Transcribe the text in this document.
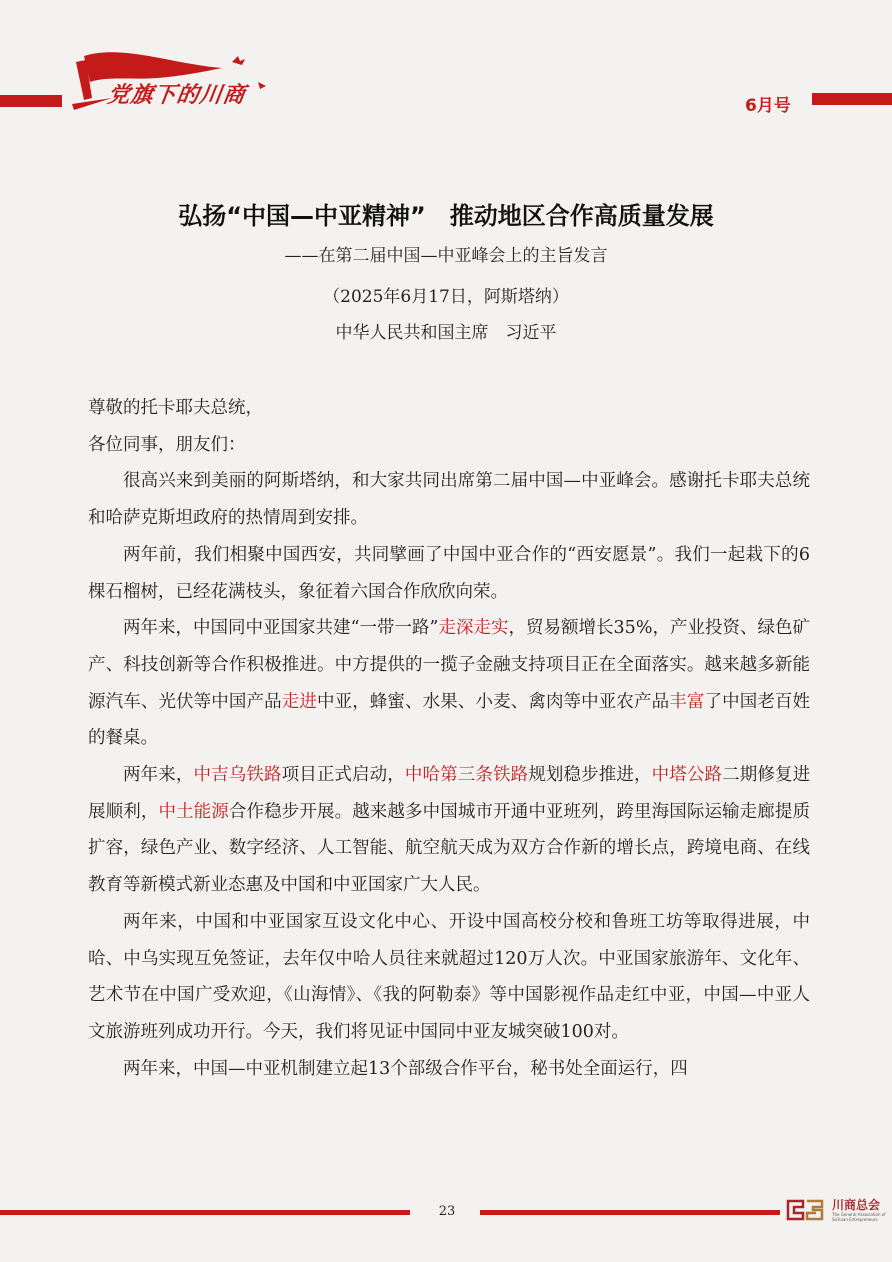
党旗下的川商	6月号
弘扬“中国—中亚精神”　推动地区合作高质量发展
——在第二届中国—中亚峰会上的主旨发言
（2025年6月17日，阿斯塔纳）
中华人民共和国主席　习近平

尊敬的托卡耶夫总统，

各位同事，朋友们：

很高兴来到美丽的阿斯塔纳，和大家共同出席第二届中国—中亚峰会。感谢托卡耶夫总统和哈萨克斯坦政府的热情周到安排。

两年前，我们相聚中国西安，共同擘画了中国中亚合作的“西安愿景”。我们一起栽下的6棵石榴树，已经花满枝头，象征着六国合作欣欣向荣。

两年来，中国同中亚国家共建“一带一路”走深走实，贸易额增长35%，产业投资、绿色矿产、科技创新等合作积极推进。中方提供的一揽子金融支持项目正在全面落实。越来越多新能源汽车、光伏等中国产品走进中亚，蜂蜜、水果、小麦、禽肉等中亚农产品丰富了中国老百姓的餐桌。

两年来，中吉乌铁路项目正式启动，中哈第三条铁路规划稳步推进，中塔公路二期修复进展顺利，中土能源合作稳步开展。越来越多中国城市开通中亚班列，跨里海国际运输走廊提质扩容，绿色产业、数字经济、人工智能、航空航天成为双方合作新的增长点，跨境电商、在线教育等新模式新业态惠及中国和中亚国家广大人民。

两年来，中国和中亚国家互设文化中心、开设中国高校分校和鲁班工坊等取得进展，中哈、中乌实现互免签证，去年仅中哈人员往来就超过120万人次。中亚国家旅游年、文化年、艺术节在中国广受欢迎，《山海情》、《我的阿勒泰》等中国影视作品走红中亚，中国—中亚人文旅游班列成功开行。今天，我们将见证中国同中亚友城突破100对。

两年来，中国—中亚机制建立起13个部级合作平台，秘书处全面运行，四

23	川商总会
The General Association of Sichuan Entrepreneurs
